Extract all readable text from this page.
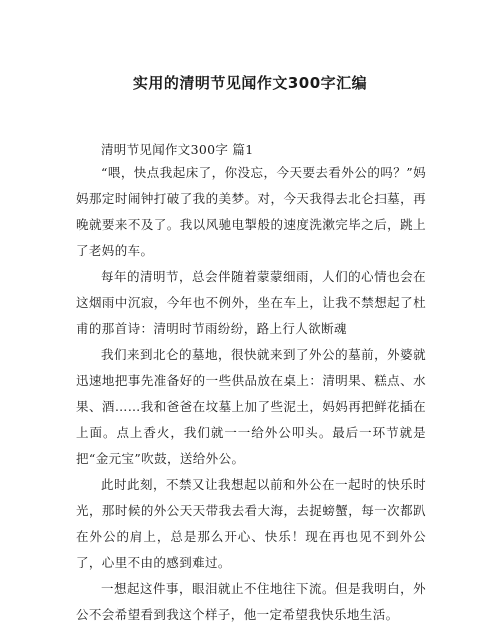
实用的清明节见闻作文300字汇编
清明节见闻作文300字 篇1

“喂，快点我起床了，你没忘，今天要去看外公的吗？”妈妈那定时闹钟打破了我的美梦。对，今天我得去北仑扫墓，再晚就要来不及了。我以风驰电掣般的速度洗漱完毕之后，跳上了老妈的车。

每年的清明节，总会伴随着蒙蒙细雨，人们的心情也会在这烟雨中沉寂，今年也不例外，坐在车上，让我不禁想起了杜甫的那首诗：清明时节雨纷纷，路上行人欲断魂

我们来到北仑的墓地，很快就来到了外公的墓前，外婆就迅速地把事先准备好的一些供品放在桌上：清明果、糕点、水果、酒……我和爸爸在坟墓上加了些泥土，妈妈再把鲜花插在上面。点上香火，我们就一一给外公叩头。最后一环节就是把“金元宝”吹鼓，送给外公。

此时此刻，不禁又让我想起以前和外公在一起时的快乐时光，那时候的外公天天带我去看大海，去捉螃蟹，每一次都趴在外公的肩上，总是那么开心、快乐！现在再也见不到外公了，心里不由的感到难过。

一想起这件事，眼泪就止不住地往下流。但是我明白，外公不会希望看到我这个样子，他一定希望我快乐地生活。
